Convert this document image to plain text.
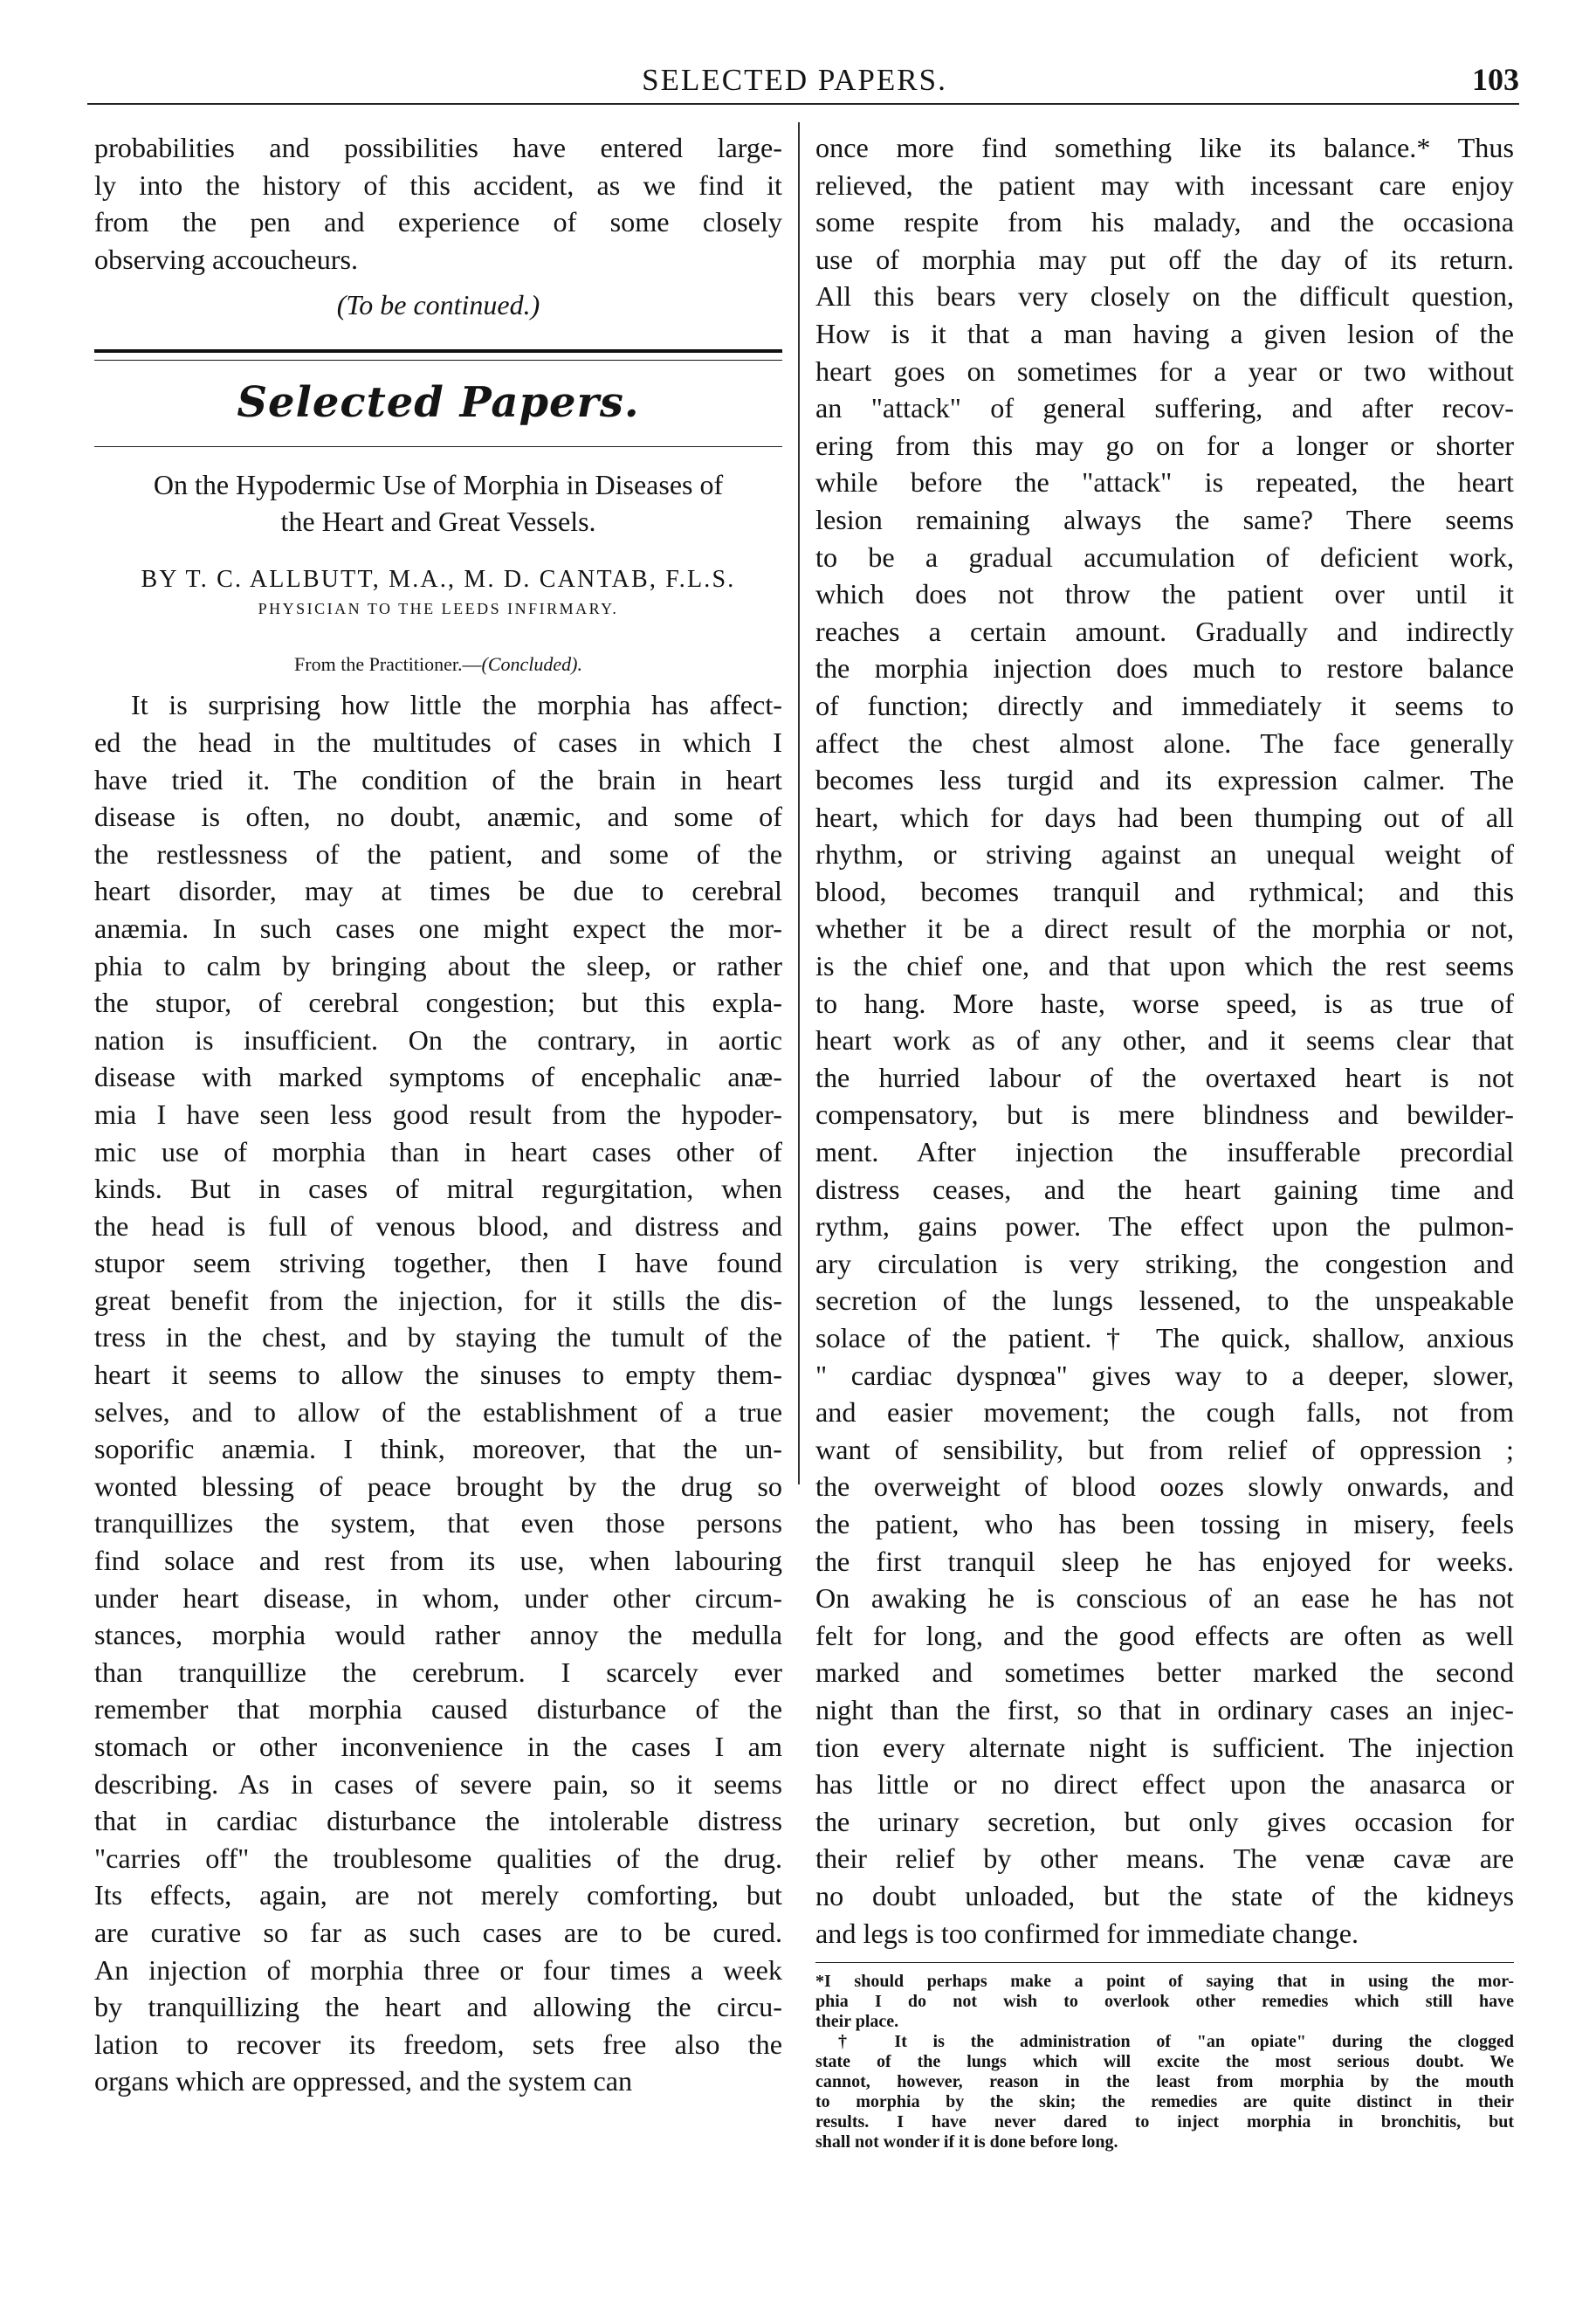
SELECTED PAPERS.	103
probabilities and possibilities have entered large-
ly into the history of this accident, as we find it
from the pen and experience of some closely
observing accoucheurs.
(To be continued.)
Selected Papers.
On the Hypodermic Use of Morphia in Diseases of
the Heart and Great Vessels.
BY T. C. ALLBUTT, M.A., M. D. CANTAB, F.L.S.
PHYSICIAN TO THE LEEDS INFIRMARY.
From the Practitioner.—(Concluded).
It is surprising how little the morphia has affect-
ed the head in the multitudes of cases in which I
have tried it. The condition of the brain in heart
disease is often, no doubt, anæmic, and some of
the restlessness of the patient, and some of the
heart disorder, may at times be due to cerebral
anæmia. In such cases one might expect the mor-
phia to calm by bringing about the sleep, or rather
the stupor, of cerebral congestion; but this expla-
nation is insufficient. On the contrary, in aortic
disease with marked symptoms of encephalic anæ-
mia I have seen less good result from the hypoder-
mic use of morphia than in heart cases other of
kinds. But in cases of mitral regurgitation, when
the head is full of venous blood, and distress and
stupor seem striving together, then I have found
great benefit from the injection, for it stills the dis-
tress in the chest, and by staying the tumult of the
heart it seems to allow the sinuses to empty them-
selves, and to allow of the establishment of a true
soporific anæmia. I think, moreover, that the un-
wonted blessing of peace brought by the drug so
tranquillizes the system, that even those persons
find solace and rest from its use, when labouring
under heart disease, in whom, under other circum-
stances, morphia would rather annoy the medulla
than tranquillize the cerebrum. I scarcely ever
remember that morphia caused disturbance of the
stomach or other inconvenience in the cases I am
describing. As in cases of severe pain, so it seems
that in cardiac disturbance the intolerable distress
"carries off" the troublesome qualities of the drug.
Its effects, again, are not merely comforting, but
are curative so far as such cases are to be cured.
An injection of morphia three or four times a week
by tranquillizing the heart and allowing the circu-
lation to recover its freedom, sets free also the
organs which are oppressed, and the system can
once more find something like its balance.* Thus
relieved, the patient may with incessant care enjoy
some respite from his malady, and the occasiona
use of morphia may put off the day of its return.
All this bears very closely on the difficult question,
How is it that a man having a given lesion of the
heart goes on sometimes for a year or two without
an "attack" of general suffering, and after recov-
ering from this may go on for a longer or shorter
while before the "attack" is repeated, the heart
lesion remaining always the same? There seems
to be a gradual accumulation of deficient work,
which does not throw the patient over until it
reaches a certain amount. Gradually and indirectly
the morphia injection does much to restore balance
of function; directly and immediately it seems to
affect the chest almost alone. The face generally
becomes less turgid and its expression calmer. The
heart, which for days had been thumping out of all
rhythm, or striving against an unequal weight of
blood, becomes tranquil and rythmical; and this
whether it be a direct result of the morphia or not,
is the chief one, and that upon which the rest seems
to hang. More haste, worse speed, is as true of
heart work as of any other, and it seems clear that
the hurried labour of the overtaxed heart is not
compensatory, but is mere blindness and bewilder-
ment. After injection the insufferable precordial
distress ceases, and the heart gaining time and
rythm, gains power. The effect upon the pulmon-
ary circulation is very striking, the congestion and
secretion of the lungs lessened, to the unspeakable
solace of the patient.† The quick, shallow, anxious
" cardiac dyspnœa" gives way to a deeper, slower,
and easier movement; the cough falls, not from
want of sensibility, but from relief of oppression ;
the overweight of blood oozes slowly onwards, and
the patient, who has been tossing in misery, feels
the first tranquil sleep he has enjoyed for weeks.
On awaking he is conscious of an ease he has not
felt for long, and the good effects are often as well
marked and sometimes better marked the second
night than the first, so that in ordinary cases an injec-
tion every alternate night is sufficient. The injection
has little or no direct effect upon the anasarca or
the urinary secretion, but only gives occasion for
their relief by other means. The venæ cavæ are
no doubt unloaded, but the state of the kidneys
and legs is too confirmed for immediate change.
*I should perhaps make a point of saying that in using the mor-
phia I do not wish to overlook other remedies which still have
their place.
† It is the administration of "an opiate" during the clogged
state of the lungs which will excite the most serious doubt. We
cannot, however, reason in the least from morphia by the mouth
to morphia by the skin; the remedies are quite distinct in their
results. I have never dared to inject morphia in bronchitis, but
shall not wonder if it is done before long.
